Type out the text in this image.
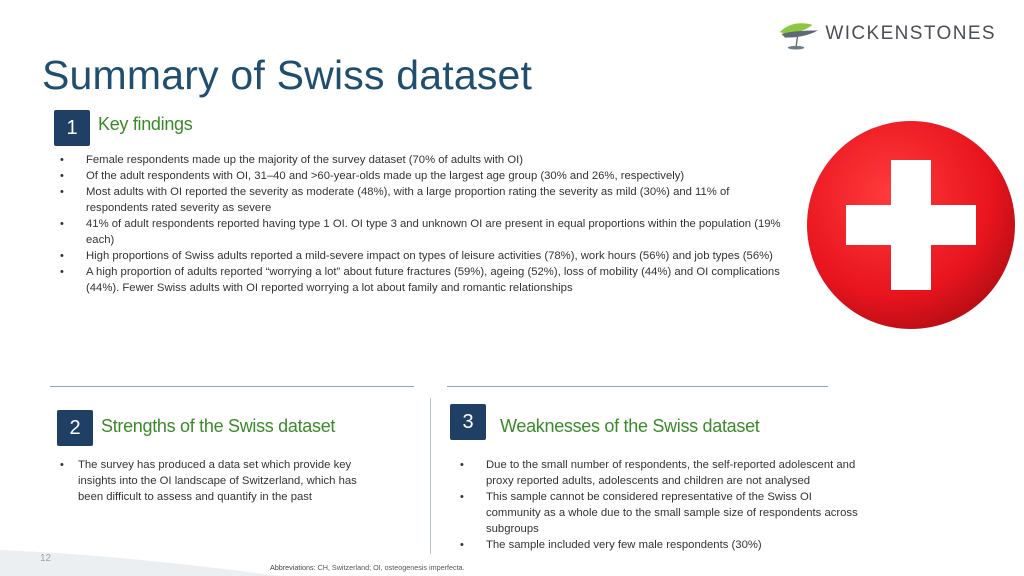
WICKENSTONES
Summary of Swiss dataset
1	Key findings
• Female respondents made up the majority of the survey dataset (70% of adults with OI)
• Of the adult respondents with OI, 31–40 and >60-year-olds made up the largest age group (30% and 26%, respectively)
• Most adults with OI reported the severity as moderate (48%), with a large proportion rating the severity as mild (30%) and 11% of respondents rated severity as severe
• 41% of adult respondents reported having type 1 OI. OI type 3 and unknown OI are present in equal proportions within the population (19% each)
• High proportions of Swiss adults reported a mild-severe impact on types of leisure activities (78%), work hours (56%) and job types (56%)
• A high proportion of adults reported “worrying a lot” about future fractures (59%), ageing (52%), loss of mobility (44%) and OI complications (44%). Fewer Swiss adults with OI reported worrying a lot about family and romantic relationships
2	Strengths of the Swiss dataset
• The survey has produced a data set which provide key insights into the OI landscape of Switzerland, which has been difficult to assess and quantify in the past
3	Weaknesses of the Swiss dataset
• Due to the small number of respondents, the self-reported adolescent and proxy reported adults, adolescents and children are not analysed
• This sample cannot be considered representative of the Swiss OI community as a whole due to the small sample size of respondents across subgroups
• The sample included very few male respondents (30%)
12
Abbreviations: CH, Switzerland; OI, osteogenesis imperfecta.
